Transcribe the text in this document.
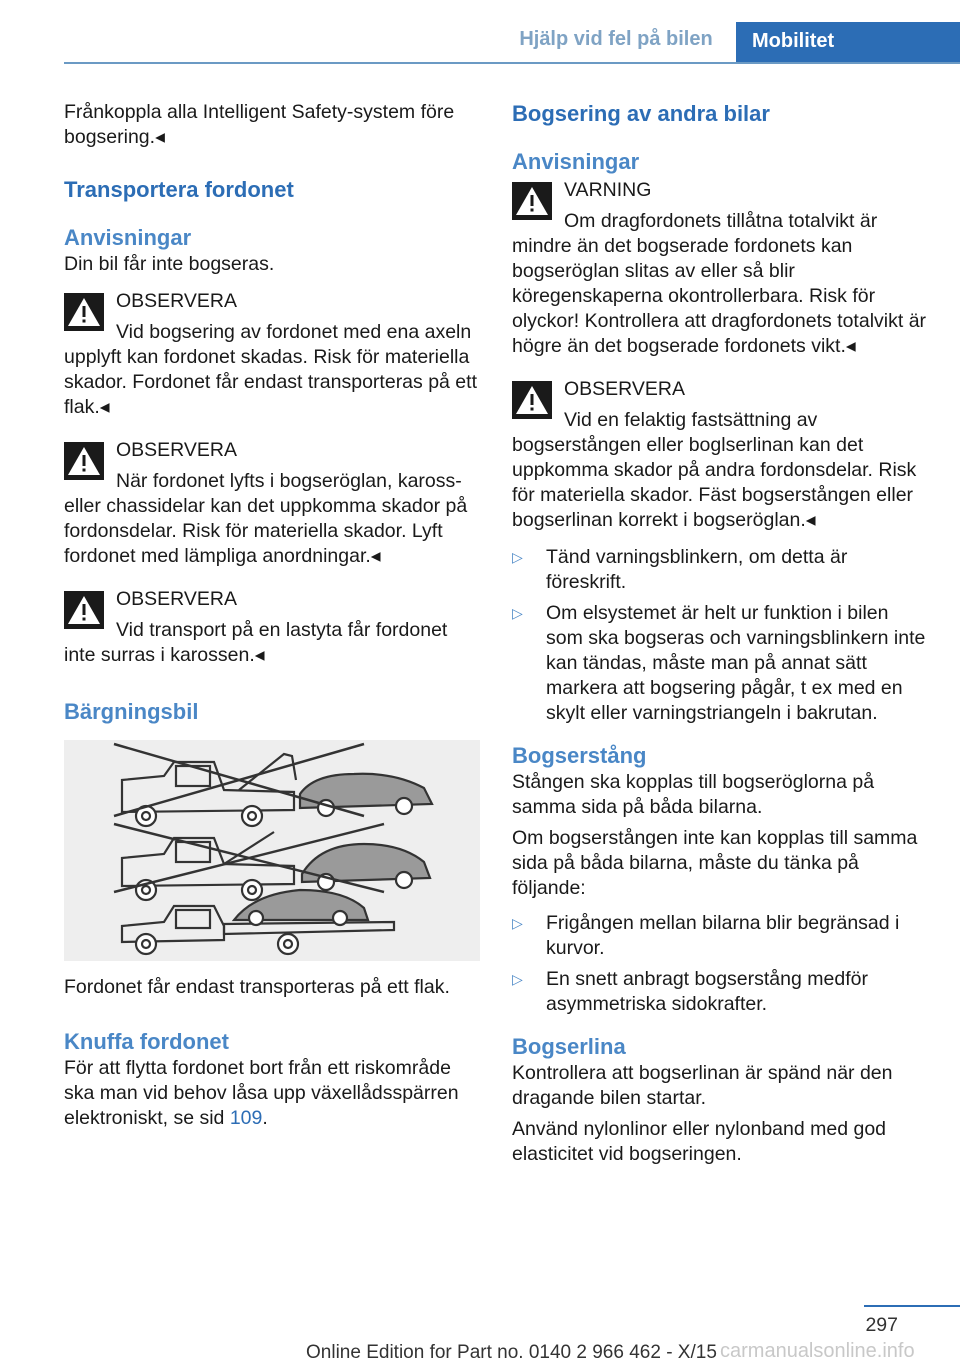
Hjälp vid fel på bilen	Mobilitet

Frånkoppla alla Intelligent Safety-system före bogsering.◂

Transportera fordonet
Anvisningar

Din bil får inte bogseras.

OBSERVERA
Vid bogsering av fordonet med ena axeln upplyft kan fordonet skadas. Risk för materiella skador. Fordonet får endast transporteras på ett flak.◂
OBSERVERA
När fordonet lyfts i bogseröglan, kaross- eller chassidelar kan det uppkomma skador på fordonsdelar. Risk för materiella skador. Lyft fordonet med lämpliga anordningar.◂
OBSERVERA
Vid transport på en lastyta får fordonet inte surras i karossen.◂
Bärgningsbil

Fordonet får endast transporteras på ett flak.

Knuffa fordonet

För att flytta fordonet bort från ett riskområde ska man vid behov låsa upp växellådsspärren elektroniskt, se sid 109.

Bogsering av andra bilar
Anvisningar
VARNING
Om dragfordonets tillåtna totalvikt är mindre än det bogserade fordonets kan bogseröglan slitas av eller så blir köregenskaperna okontrollerbara. Risk för olyckor! Kontrollera att dragfordonets totalvikt är högre än det bogserade fordonets vikt.◂
OBSERVERA
Vid en felaktig fastsättning av bogserstången eller boglserlinan kan det uppkomma skador på andra fordonsdelar. Risk för materiella skador. Fäst bogserstången eller bogserlinan korrekt i bogseröglan.◂
▷ Tänd varningsblinkern, om detta är föreskrift.
▷ Om elsystemet är helt ur funktion i bilen som ska bogseras och varningsblinkern inte kan tändas, måste man på annat sätt markera att bogsering pågår, t ex med en skylt eller varningstriangeln i bakrutan.
Bogserstång

Stången ska kopplas till bogseröglorna på samma sida på båda bilarna.

Om bogserstången inte kan kopplas till samma sida på båda bilarna, måste du tänka på följande:

▷ Frigången mellan bilarna blir begränsad i kurvor.
▷ En snett anbragt bogserstång medför asymmetriska sidokrafter.
Bogserlina

Kontrollera att bogserlinan är spänd när den dragande bilen startar.

Använd nylonlinor eller nylonband med god elasticitet vid bogseringen.

297
Online Edition for Part no. 0140 2 966 462 - X/15 carmanualsonline.info
